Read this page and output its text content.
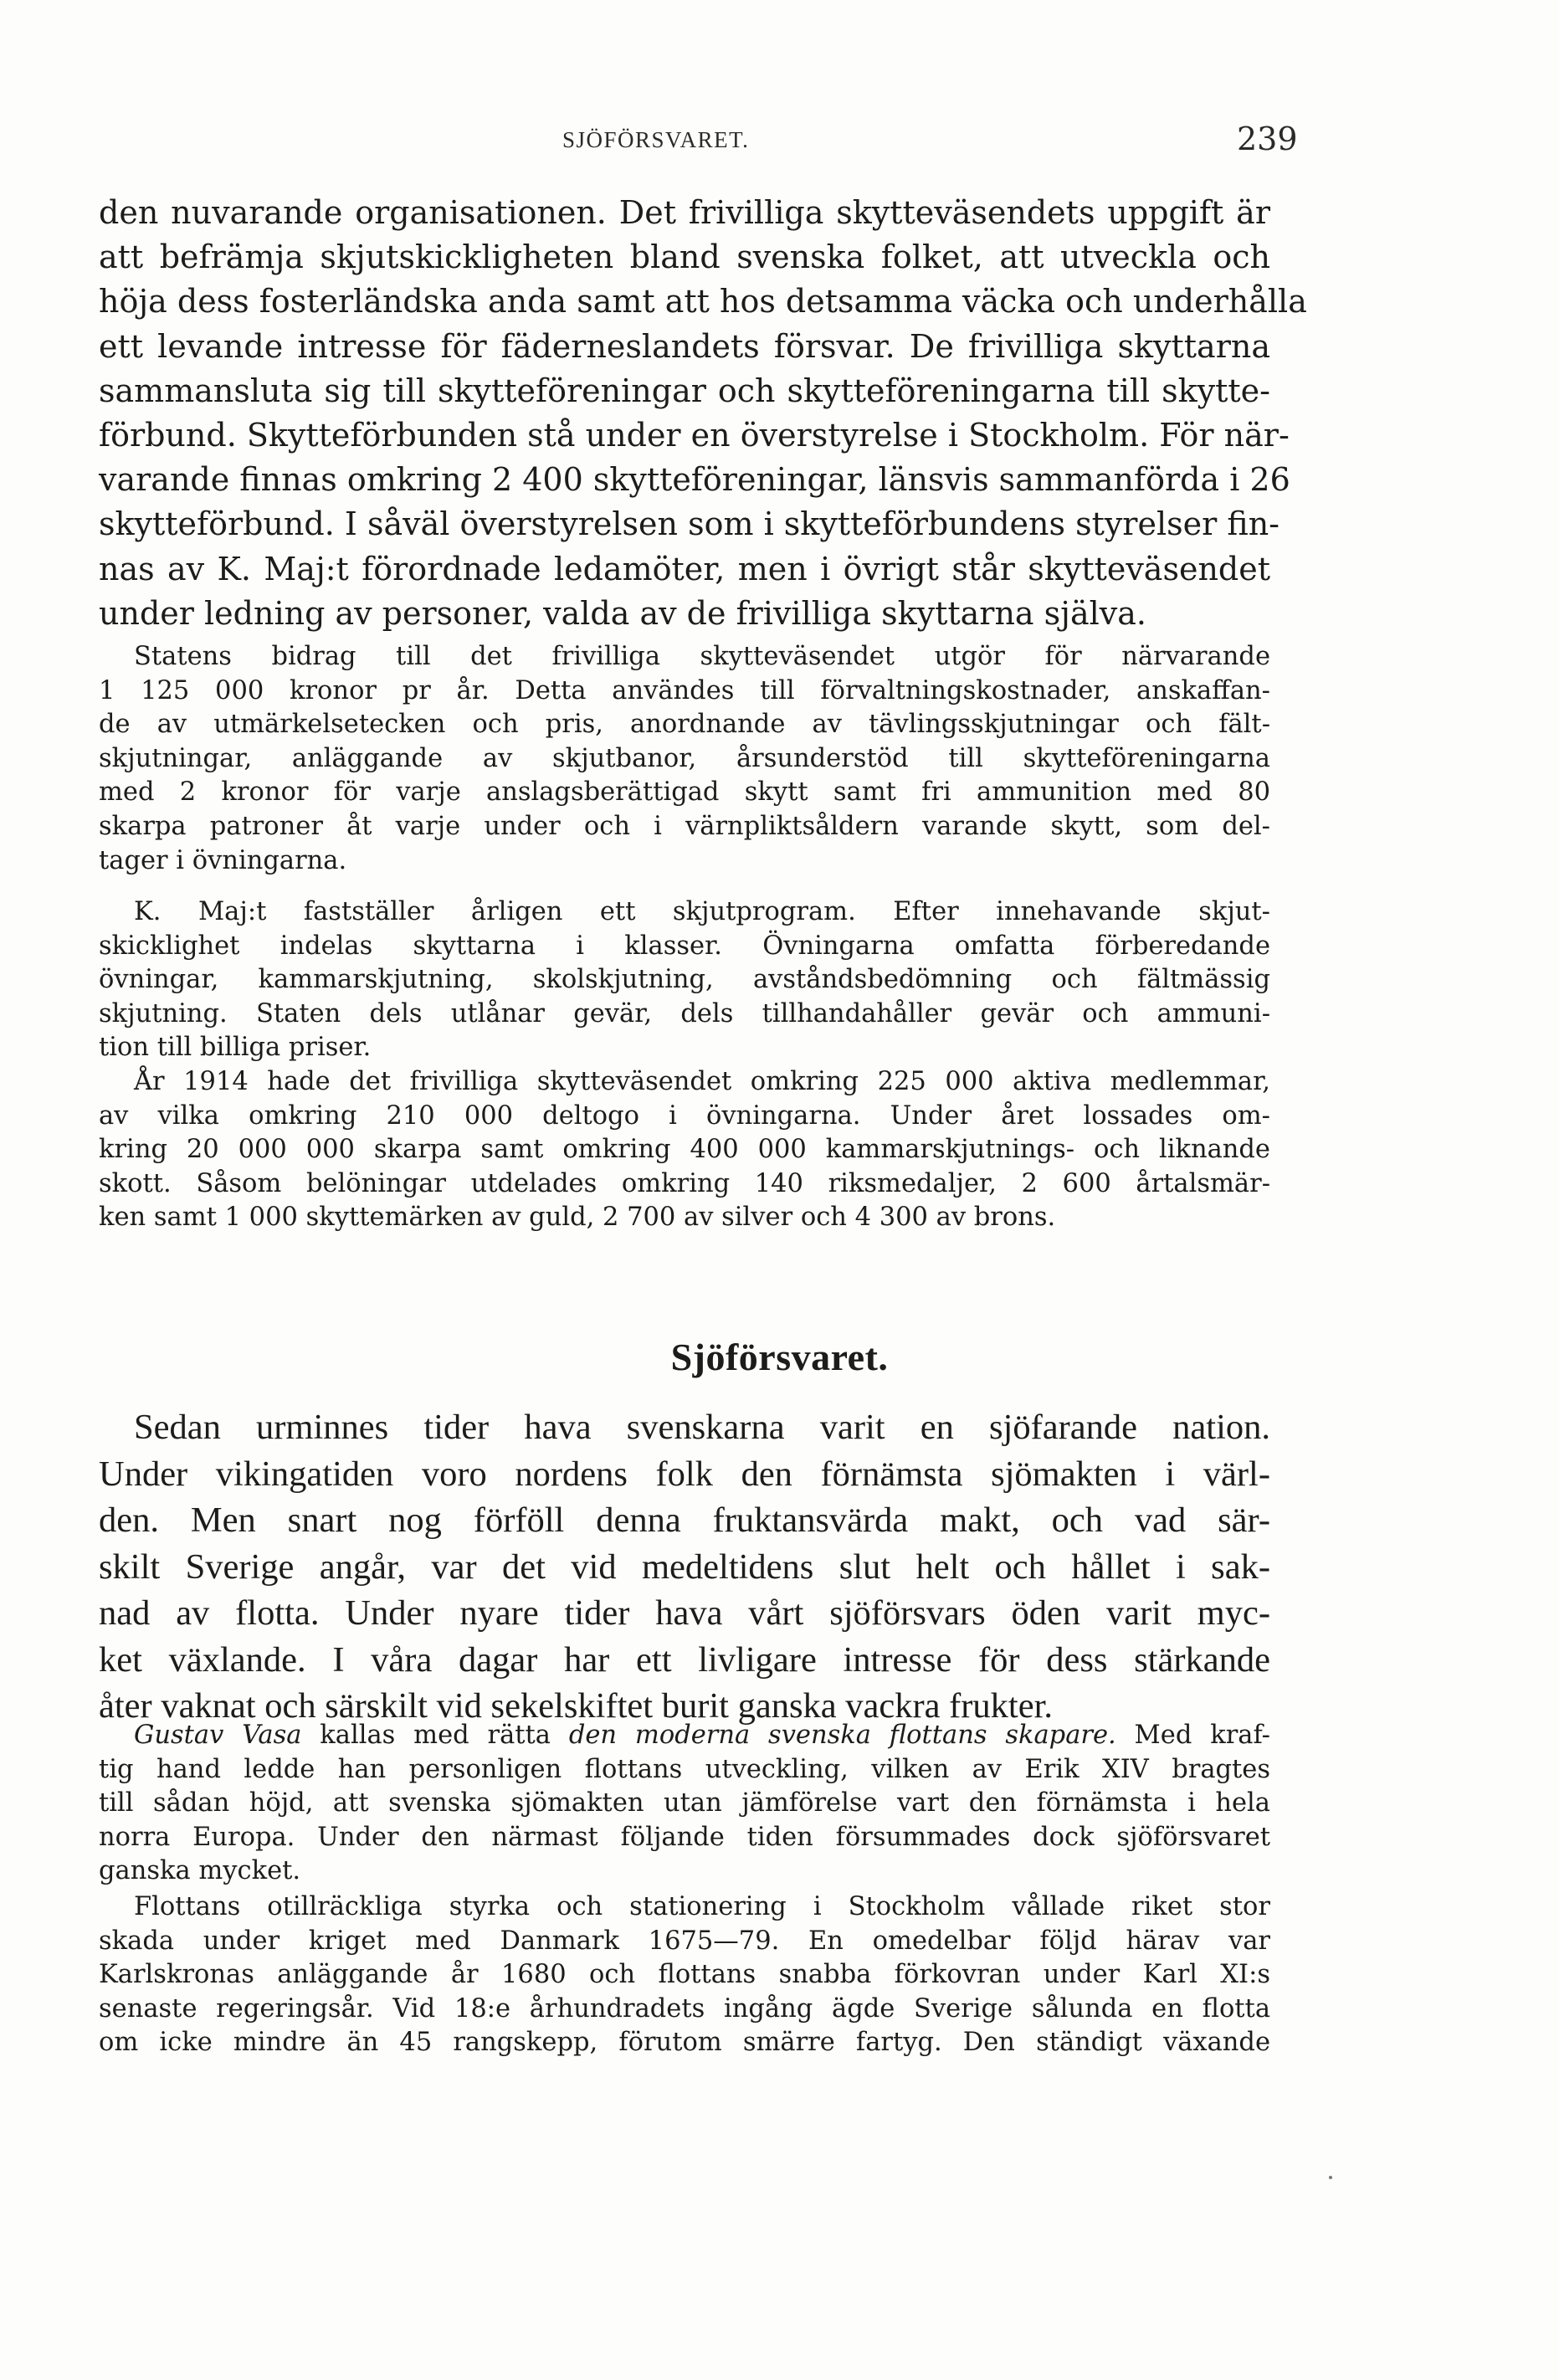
SJÖFÖRSVARET.	239

den nuvarande organisationen. Det frivilliga skytteväsendets uppgift är
att befrämja skjutskickligheten bland svenska folket, att utveckla och
höja dess fosterländska anda samt att hos detsamma väcka och underhålla
ett levande intresse för fäderneslandets försvar. De frivilliga skyttarna
sammansluta sig till skytteföreningar och skytteföreningarna till skytte-
förbund. Skytteförbunden stå under en överstyrelse i Stockholm. För när-
varande finnas omkring 2 400 skytteföreningar, länsvis sammanförda i 26
skytteförbund. I såväl överstyrelsen som i skytteförbundens styrelser fin-
nas av K. Maj:t förordnade ledamöter, men i övrigt står skytteväsendet
under ledning av personer, valda av de frivilliga skyttarna själva.

Statens bidrag till det frivilliga skytteväsendet utgör för närvarande
1 125 000 kronor pr år. Detta användes till förvaltningskostnader, anskaffan-
de av utmärkelsetecken och pris, anordnande av tävlingsskjutningar och fält-
skjutningar, anläggande av skjutbanor, årsunderstöd till skytteföreningarna
med 2 kronor för varje anslagsberättigad skytt samt fri ammunition med 80
skarpa patroner åt varje under och i värnpliktsåldern varande skytt, som del-
tager i övningarna.

K. Maj:t fastställer årligen ett skjutprogram. Efter innehavande skjut-
skicklighet indelas skyttarna i klasser. Övningarna omfatta förberedande
övningar, kammarskjutning, skolskjutning, avståndsbedömning och fältmässig
skjutning. Staten dels utlånar gevär, dels tillhandahåller gevär och ammuni-
tion till billiga priser.

År 1914 hade det frivilliga skytteväsendet omkring 225 000 aktiva medlemmar,
av vilka omkring 210 000 deltogo i övningarna. Under året lossades om-
kring 20 000 000 skarpa samt omkring 400 000 kammarskjutnings- och liknande
skott. Såsom belöningar utdelades omkring 140 riksmedaljer, 2 600 årtalsmär-
ken samt 1 000 skyttemärken av guld, 2 700 av silver och 4 300 av brons.

Sjöförsvaret.

Sedan urminnes tider hava svenskarna varit en sjöfarande nation.
Under vikingatiden voro nordens folk den förnämsta sjömakten i värl-
den. Men snart nog förföll denna fruktansvärda makt, och vad sär-
skilt Sverige angår, var det vid medeltidens slut helt och hållet i sak-
nad av flotta. Under nyare tider hava vårt sjöförsvars öden varit myc-
ket växlande. I våra dagar har ett livligare intresse för dess stärkande
åter vaknat och särskilt vid sekelskiftet burit ganska vackra frukter.

Gustav Vasa kallas med rätta den moderna svenska flottans skapare. Med kraf-
tig hand ledde han personligen flottans utveckling, vilken av Erik XIV bragtes
till sådan höjd, att svenska sjömakten utan jämförelse vart den förnämsta i hela
norra Europa. Under den närmast följande tiden försummades dock sjöförsvaret
ganska mycket.

Flottans otillräckliga styrka och stationering i Stockholm vållade riket stor
skada under kriget med Danmark 1675—79. En omedelbar följd härav var
Karlskronas anläggande år 1680 och flottans snabba förkovran under Karl XI:s
senaste regeringsår. Vid 18:e århundradets ingång ägde Sverige sålunda en flotta
om icke mindre än 45 rangskepp, förutom smärre fartyg. Den ständigt växande
